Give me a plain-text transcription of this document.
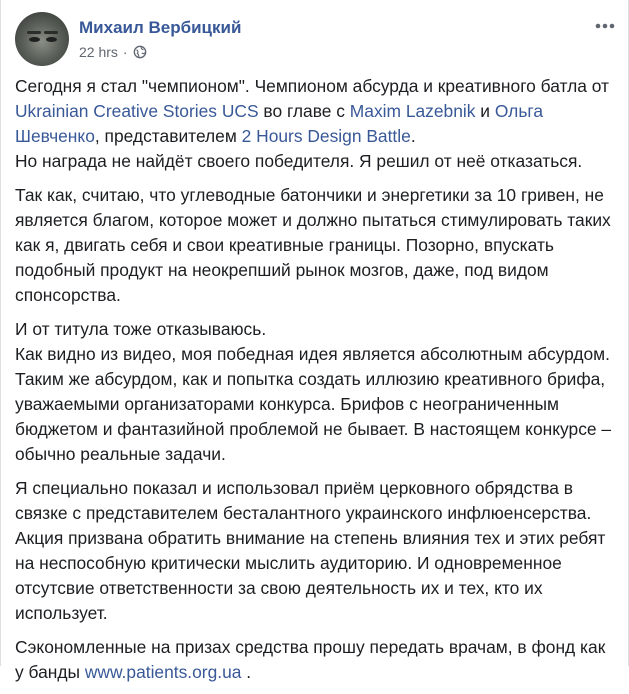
Михаил Вербицкий
22 hrs ·

Сегодня я стал "чемпионом". Чемпионом абсурда и креативного батла от Ukrainian Creative Stories UCS во главе с Maxim Lazebnik и Ольга Шевченко, представителем 2 Hours Design Battle.
Но награда не найдёт своего победителя. Я решил от неё отказаться.

Так как, считаю, что углеводные батончики и энергетики за 10 гривен, не является благом, которое может и должно пытаться стимулировать таких как я, двигать себя и свои креативные границы. Позорно, впускать подобный продукт на неокрепший рынок мозгов, даже, под видом спонсорства.

И от титула тоже отказываюсь.
Как видно из видео, моя победная идея является абсолютным абсурдом. Таким же абсурдом, как и попытка создать иллюзию креативного брифа, уважаемыми организаторами конкурса. Брифов с неограниченным бюджетом и фантазийной проблемой не бывает. В настоящем конкурсе – обычно реальные задачи.

Я специально показал и использовал приём церковного обрядства в связке с представителем бесталантного украинского инфлюенсерства. Акция призвана обратить внимание на степень влияния тех и этих ребят на неспособную критически мыслить аудиторию. И одновременное отсутсвие ответственности за свою деятельность их и тех, кто их использует.

Сэкономленные на призах средства прошу передать врачам, в фонд как у банды www.patients.org.ua .
